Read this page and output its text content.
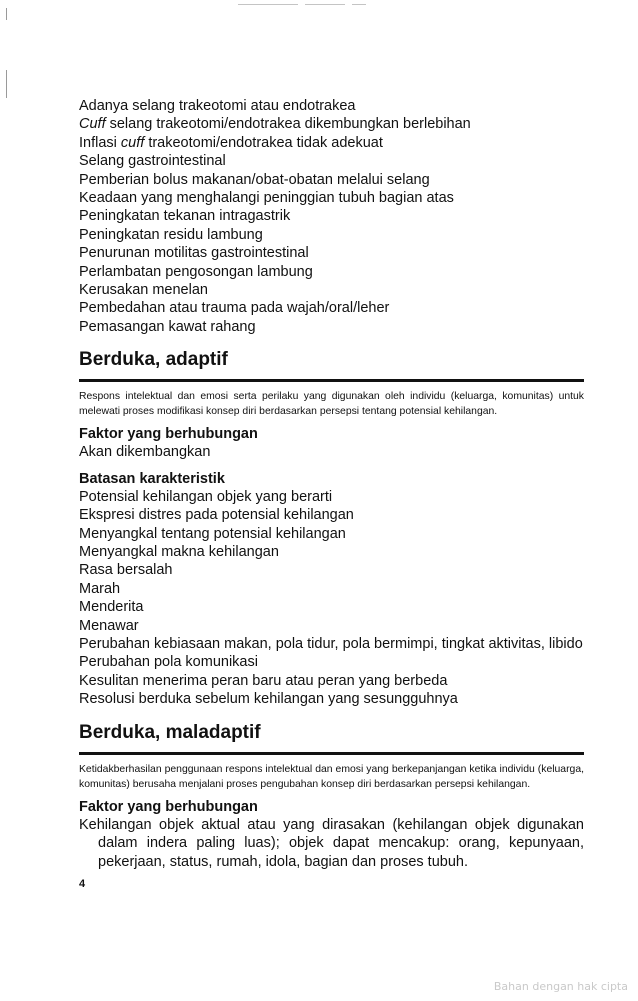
Adanya selang trakeotomi atau endotrakea
Cuff selang trakeotomi/endotrakea dikembungkan berlebihan
Inflasi cuff trakeotomi/endotrakea tidak adekuat
Selang gastrointestinal
Pemberian bolus makanan/obat-obatan melalui selang
Keadaan yang menghalangi peninggian tubuh bagian atas
Peningkatan tekanan intragastrik
Peningkatan residu lambung
Penurunan motilitas gastrointestinal
Perlambatan pengosongan lambung
Kerusakan menelan
Pembedahan atau trauma pada wajah/oral/leher
Pemasangan kawat rahang
Berduka, adaptif
Respons intelektual dan emosi serta perilaku yang digunakan oleh individu (keluarga, komunitas) untuk melewati proses modifikasi konsep diri berdasarkan persepsi tentang potensial kehilangan.
Faktor yang berhubungan
Akan dikembangkan
Batasan karakteristik
Potensial kehilangan objek yang berarti
Ekspresi distres pada potensial kehilangan
Menyangkal tentang potensial kehilangan
Menyangkal makna kehilangan
Rasa bersalah
Marah
Menderita
Menawar
Perubahan kebiasaan makan, pola tidur, pola bermimpi, tingkat aktivitas, libido
Perubahan pola komunikasi
Kesulitan menerima peran baru atau peran yang berbeda
Resolusi berduka sebelum kehilangan yang sesungguhnya
Berduka, maladaptif
Ketidakberhasilan penggunaan respons intelektual dan emosi yang berkepanjangan ketika individu (keluarga, komunitas) berusaha menjalani proses pengubahan konsep diri berdasarkan persepsi kehilangan.
Faktor yang berhubungan
Kehilangan objek aktual atau yang dirasakan (kehilangan objek digunakan dalam indera paling luas); objek dapat mencakup: orang, kepunyaan, pekerjaan, status, rumah, idola, bagian dan proses tubuh.
4
Bahan dengan hak cipta
